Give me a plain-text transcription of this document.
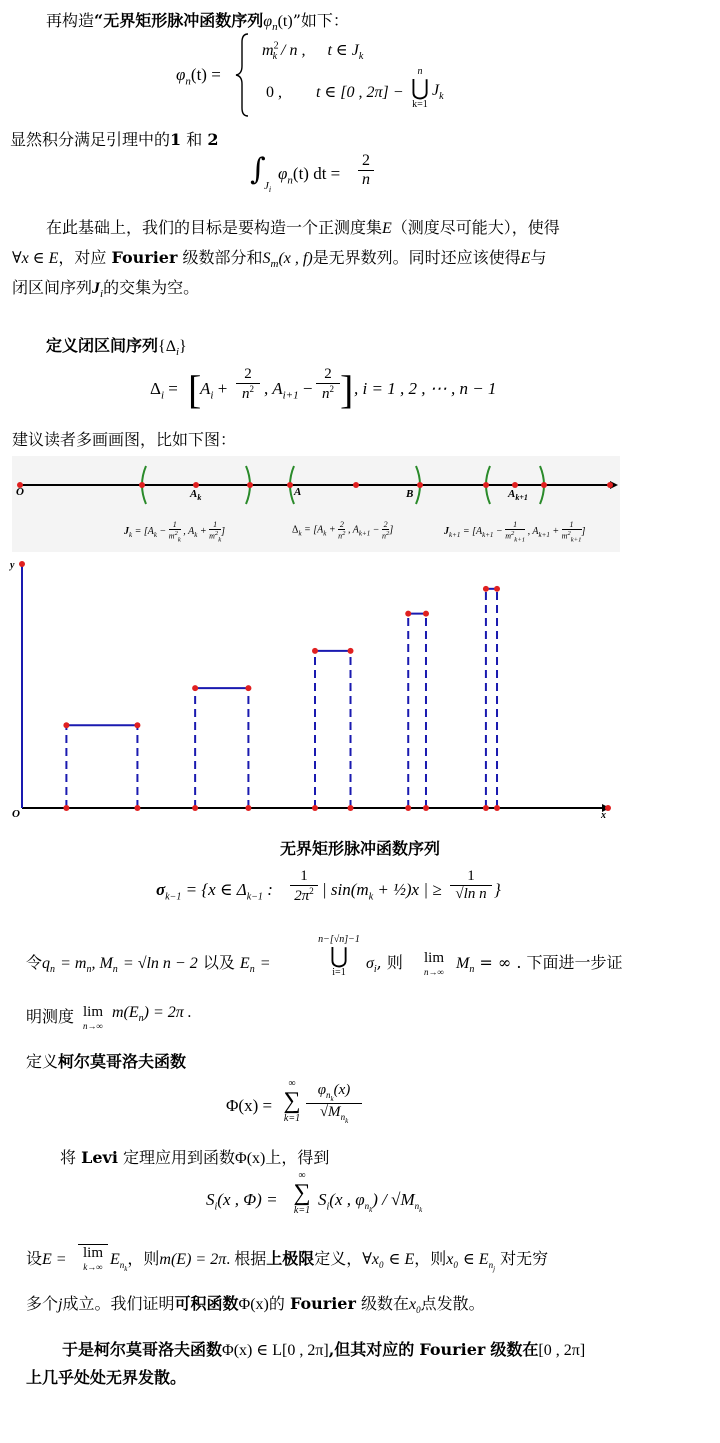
再构造“无界矩形脉冲函数序列$\varphi_n(t)$”如下：
$\varphi_n(t)$ =
$m^2_k$ / n , t ∈ $J_k$
0 , t ∈ [0 , 2π] −
n
⋃
k=1
$J_k$
显然积分满足引理中的1 和 2
∫
$J_i$
$\varphi_n(t)$ dt =
2
n
在此基础上，我们的目标是要构造一个正测度集E（测度尽可能大），使得
∀x ∈ E，对应 Fourier 级数部分和$S_m(x$ , f)是无界数列。同时还应该使得E与
闭区间序列$J_i$的交集为空。
定义闭区间序列$\{\Delta_i\}$
$\Delta_i$ = [
$A_i$ +
2
$n^2$ , $A_{i+1}$ −
2
$n^2$ ] , i = 1 , 2 , ⋯ , n − 1
建议读者多画画图，比如下图：
O	$A_k$	A	B	$A_{k+1}$
$J_k = [A_k - \frac{1}{m^2_k}$ , $A_k + \frac{1}{m^2_k}$ ]	$\Delta_k = [A_k + \frac{2}{n^2}$ , $A_{k+1} - \frac{2}{n^2}$ ]	$J_{k+1} = [A_{k+1} - \frac{1}{m^2_{k+1}}$ , $A_{k+1} + \frac{1}{m^2_{k+1}}$ ]
y
O	x
无界矩形脉冲函数序列
$\sigma_{k-1} = \{x$ ∈ $\Delta_{k-1}$ :
1
$2\pi^2$ | $\sin(m_k$ + ½)x | ≥
1
√ln n }
令$q_n = m_n$, $M_n = √\ln$ n − 2 以及 $E_n$ =
n−[√n]−1
⋃
i=1
$\sigma_i$, 则	lim
n→∞ $M_n$ = ∞ . 下面进一步证
明测度 lim
n→∞
$m(E_n) = 2\pi$ .
定义柯尔莫哥洛夫函数
Φ(x) =
∞
∑
k=1
$\varphi_{n_k}(x)$
$√M_{n_k}$
将 Levi 定理应用到函数Φ(x)上，得到
$S_i(x$ , Φ) =
∞
∑
k=1
$S_i(x$ , $\varphi_{n_k}) / √M_{n_k}$
设E =	lim
k→∞ $E_{n_k}$，则m(E) = 2π. 根据上极限定义，$\forall x_0$ ∈ E，则$x_0$ ∈ $E_{n_j}$ 对无穷
多个j成立。我们证明可积函数Φ(x)的 Fourier 级数在$x_0$点发散。
于是柯尔莫哥洛夫函数Φ(x) ∈ L[0 , 2π],但其对应的 Fourier 级数在[0 , 2π]
上几乎处处无界发散。
